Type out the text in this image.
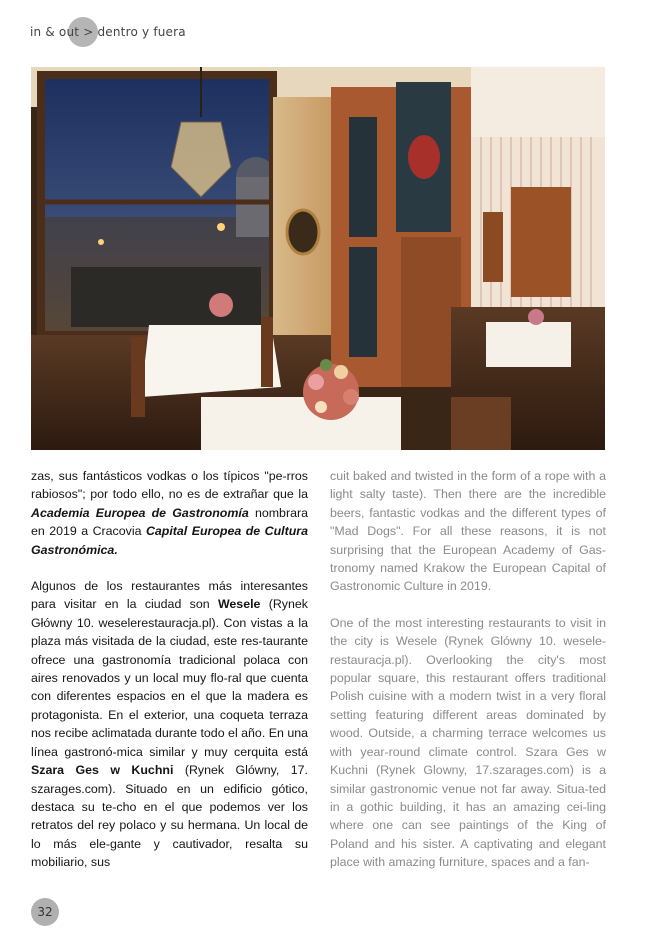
in & out > dentro y fuera

zas, sus fantásticos vodkas o los típicos "pe-rros rabiosos"; por todo ello, no es de extrañar que la Academia Europea de Gastronomía nombrara en 2019 a Cracovia Capital Europea de Cultura Gastronómica.

Algunos de los restaurantes más interesantes para visitar en la ciudad son Wesele (Rynek Główny 10. weselerestauracja.pl). Con vistas a la plaza más visitada de la ciudad, este res-taurante ofrece una gastronomía tradicional polaca con aires renovados y un local muy flo-ral que cuenta con diferentes espacios en el que la madera es protagonista. En el exterior, una coqueta terraza nos recibe aclimatada durante todo el año. En una línea gastronó-mica similar y muy cerquita está Szara Ges w Kuchni (Rynek Glówny, 17. szarages.com). Situado en un edificio gótico, destaca su te-cho en el que podemos ver los retratos del rey polaco y su hermana. Un local de lo más ele-gante y cautivador, resalta su mobiliario, sus

cuit baked and twisted in the form of a rope with a light salty taste). Then there are the incredible beers, fantastic vodkas and the different types of "Mad Dogs". For all these reasons, it is not surprising that the European Academy of Gas-tronomy named Krakow the European Capital of Gastronomic Culture in 2019.

One of the most interesting restaurants to visit in the city is Wesele (Rynek Glówny 10. wesele-restauracja.pl). Overlooking the city's most popular square, this restaurant offers traditional Polish cuisine with a modern twist in a very floral setting featuring different areas dominated by wood. Outside, a charming terrace welcomes us with year-round climate control. Szara Ges w Kuchni (Rynek Glowny, 17.szarages.com) is a similar gastronomic venue not far away. Situa-ted in a gothic building, it has an amazing cei-ling where one can see paintings of the King of Poland and his sister. A captivating and elegant place with amazing furniture, spaces and a fan-

32
